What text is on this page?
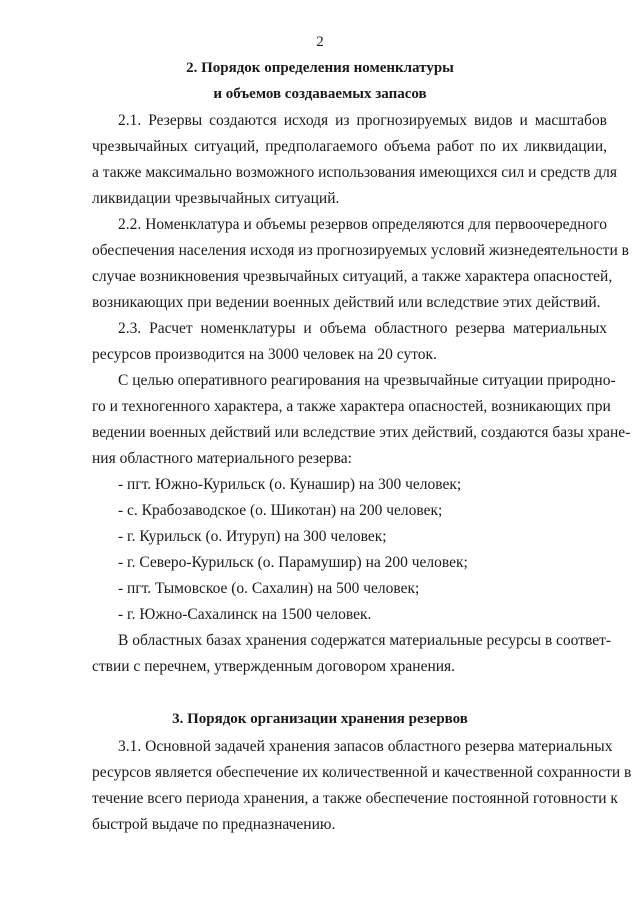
2
2. Порядок определения номенклатуры
и объемов создаваемых запасов
2.1. Резервы создаются исходя из прогнозируемых видов и масштабов
чрезвычайных ситуаций, предполагаемого объема работ по их ликвидации,
а также максимально возможного использования имеющихся сил и средств для
ликвидации чрезвычайных ситуаций.
2.2. Номенклатура и объемы резервов определяются для первоочередного
обеспечения населения исходя из прогнозируемых условий жизнедеятельности в
случае возникновения чрезвычайных ситуаций, а также характера опасностей,
возникающих при ведении военных действий или вследствие этих действий.
2.3. Расчет номенклатуры и объема областного резерва материальных
ресурсов производится на 3000 человек на 20 суток.
С целью оперативного реагирования на чрезвычайные ситуации природно-
го и техногенного характера, а также характера опасностей, возникающих при
ведении военных действий или вследствие этих действий, создаются базы хране-
ния областного материального резерва:
- пгт. Южно-Курильск (о. Кунашир) на 300 человек;
- с. Крабозаводское (о. Шикотан) на 200 человек;
- г. Курильск (о. Итуруп) на 300 человек;
- г. Северо-Курильск (о. Парамушир) на 200 человек;
- пгт. Тымовское (о. Сахалин) на 500 человек;
- г. Южно-Сахалинск на 1500 человек.
В областных базах хранения содержатся материальные ресурсы в соответ-
ствии с перечнем, утвержденным договором хранения.
3. Порядок организации хранения резервов
3.1. Основной задачей хранения запасов областного резерва материальных
ресурсов является обеспечение их количественной и качественной сохранности в
течение всего периода хранения, а также обеспечение постоянной готовности к
быстрой выдаче по предназначению.
